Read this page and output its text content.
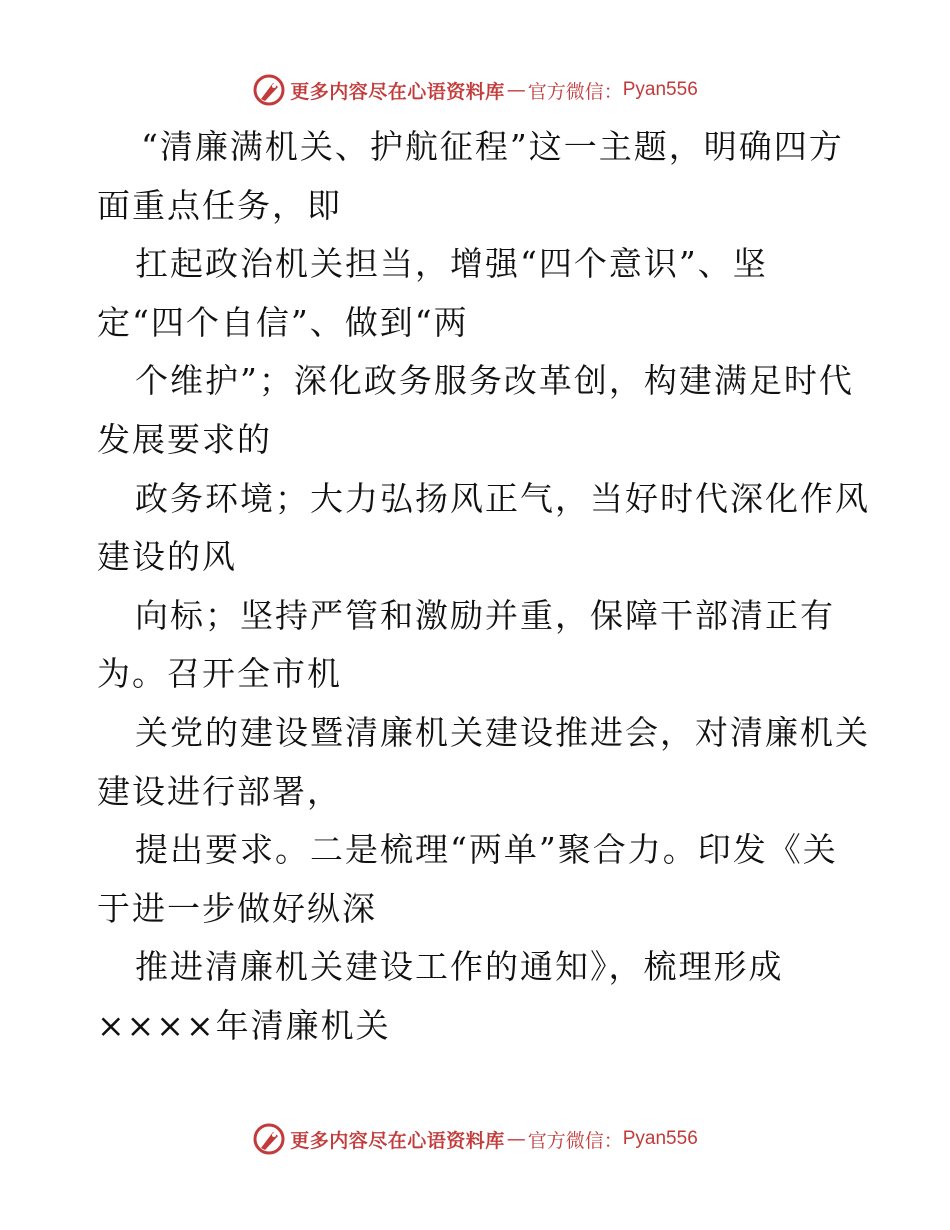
更多内容尽在心语资料库 — 官方微信： Pyan556
“清廉满机关、护航征程”这一主题，明确四方
面重点任务，即
扛起政治机关担当，增强“四个意识”、坚
定“四个自信”、做到“两
个维护”；深化政务服务改革创，构建满足时代
发展要求的
政务环境；大力弘扬风正气，当好时代深化作风
建设的风
向标；坚持严管和激励并重，保障干部清正有
为。召开全市机
关党的建设暨清廉机关建设推进会，对清廉机关
建设进行部署，
提出要求。二是梳理“两单”聚合力。印发《关
于进一步做好纵深
推进清廉机关建设工作的通知》，梳理形成
××××年清廉机关
更多内容尽在心语资料库 — 官方微信： Pyan556
